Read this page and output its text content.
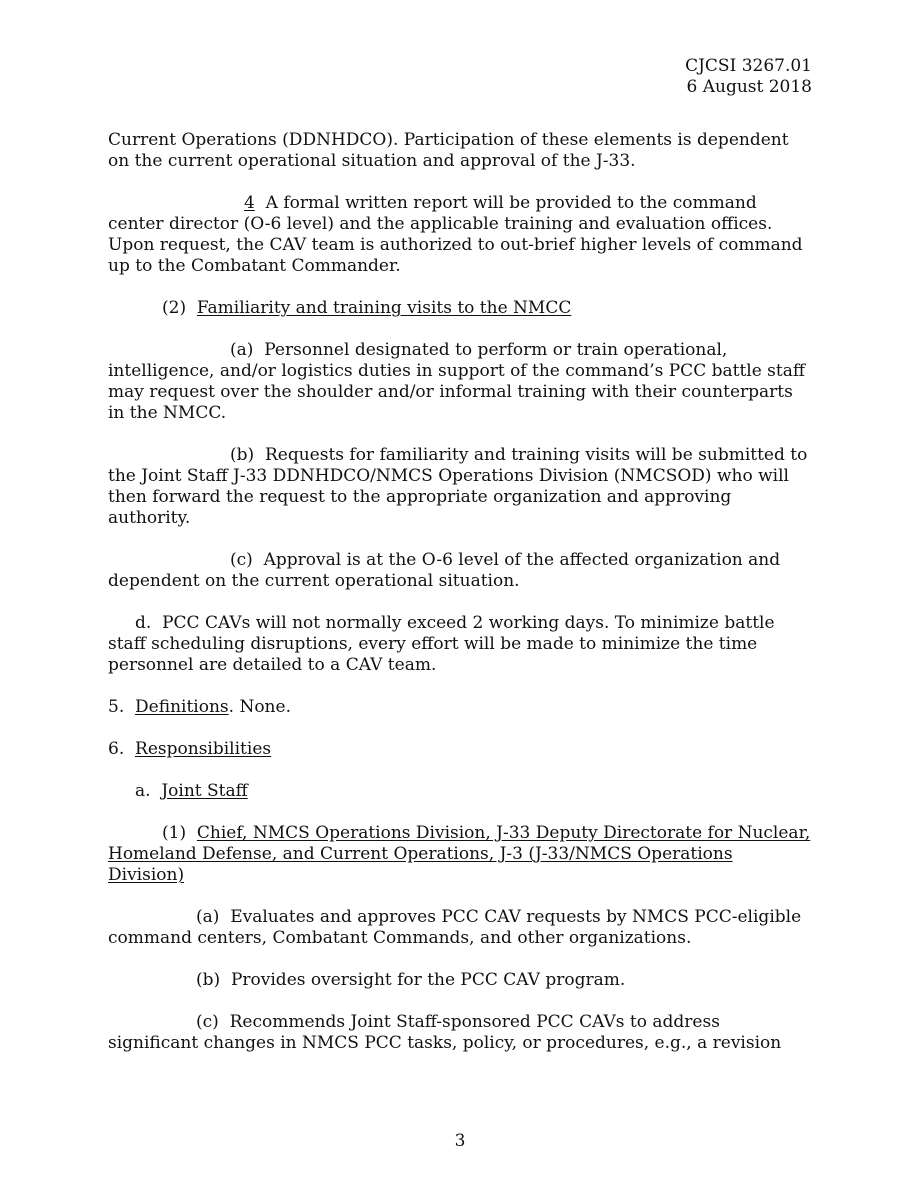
CJCSI 3267.01
6 August 2018

Current Operations (DDNHDCO). Participation of these elements is dependent on the current operational situation and approval of the J-33.

4 A formal written report will be provided to the command center director (O-6 level) and the applicable training and evaluation offices. Upon request, the CAV team is authorized to out-brief higher levels of command up to the Combatant Commander.

(2) Familiarity and training visits to the NMCC

(a) Personnel designated to perform or train operational, intelligence, and/or logistics duties in support of the command’s PCC battle staff may request over the shoulder and/or informal training with their counterparts in the NMCC.

(b) Requests for familiarity and training visits will be submitted to the Joint Staff J-33 DDNHDCO/NMCS Operations Division (NMCSOD) who will then forward the request to the appropriate organization and approving authority.

(c) Approval is at the O-6 level of the affected organization and dependent on the current operational situation.

d. PCC CAVs will not normally exceed 2 working days. To minimize battle staff scheduling disruptions, every effort will be made to minimize the time personnel are detailed to a CAV team.

5. Definitions. None.

6. Responsibilities

a. Joint Staff

(1) Chief, NMCS Operations Division, J-33 Deputy Directorate for Nuclear, Homeland Defense, and Current Operations, J-3 (J-33/NMCS Operations Division)

(a) Evaluates and approves PCC CAV requests by NMCS PCC-eligible command centers, Combatant Commands, and other organizations.

(b) Provides oversight for the PCC CAV program.

(c) Recommends Joint Staff-sponsored PCC CAVs to address significant changes in NMCS PCC tasks, policy, or procedures, e.g., a revision

3
